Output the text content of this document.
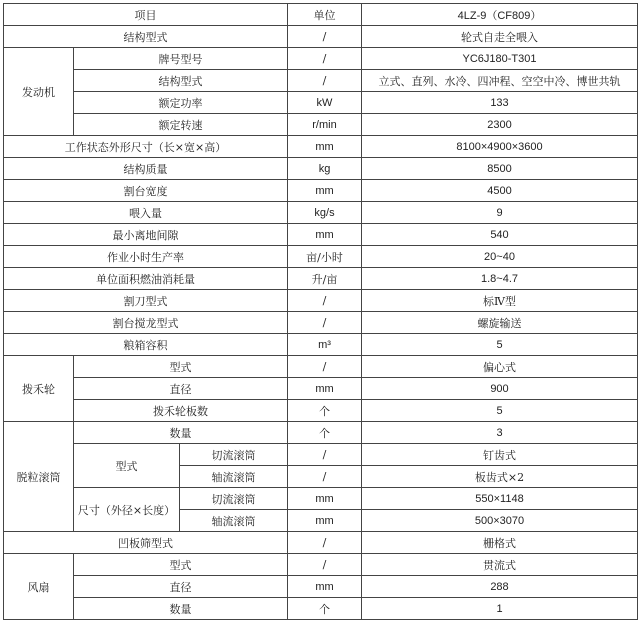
项目			单位	4LZ-9（CF809）
结构型式			/	轮式自走全喂入
发动机	牌号型号		/	YC6J180-T301
	结构型式		/	立式、直列、水冷、四冲程、空空中冷、博世共轨
	额定功率		kW	133
	额定转速		r/min	2300
工作状态外形尺寸（长×宽×高）			mm	8100×4900×3600
结构质量			kg	8500
割台宽度			mm	4500
喂入量			kg/s	9
最小离地间隙			mm	540
作业小时生产率			亩/小时	20~40
单位面积燃油消耗量			升/亩	1.8~4.7
割刀型式			/	标Ⅳ型
割台搅龙型式			/	螺旋输送
粮箱容积			m³	5
拨禾轮	型式		/	偏心式
	直径		mm	900
	拨禾轮板数		个	5
脱粒滚筒	数量		个	3
	型式	切流滚筒	/	钉齿式
		轴流滚筒	/	板齿式×2
	尺寸（外径×长度）	切流滚筒	mm	550×1148
		轴流滚筒	mm	500×3070
凹板筛型式			/	栅格式
风扇	型式		/	贯流式
	直径		mm	288
	数量		个	1
